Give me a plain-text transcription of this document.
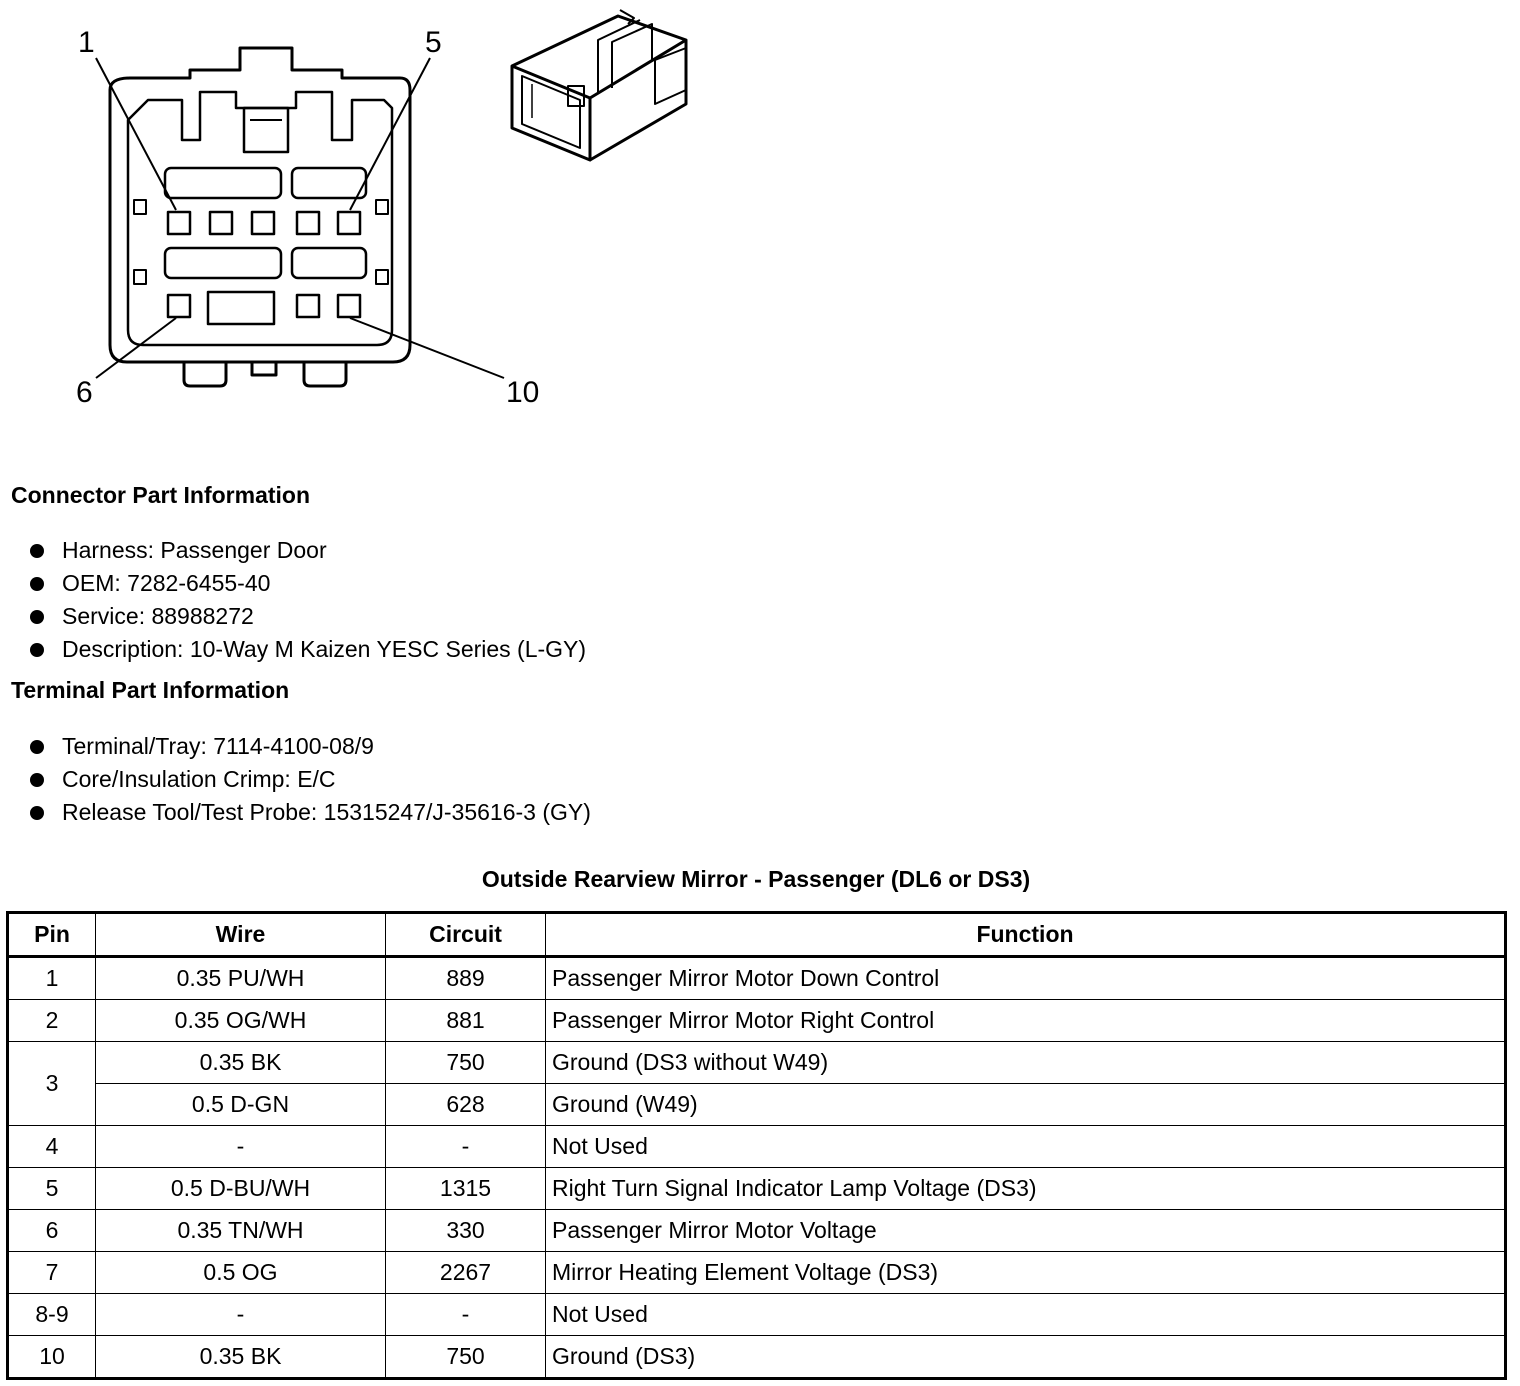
1	5
6	10
Connector Part Information
Harness: Passenger Door
OEM: 7282-6455-40
Service: 88988272
Description: 10-Way M Kaizen YESC Series (L-GY)
Terminal Part Information
Terminal/Tray: 7114-4100-08/9
Core/Insulation Crimp: E/C
Release Tool/Test Probe: 15315247/J-35616-3 (GY)
Outside Rearview Mirror - Passenger (DL6 or DS3)
Pin	Wire	Circuit	Function
1	0.35 PU/WH	889	Passenger Mirror Motor Down Control
2	0.35 OG/WH	881	Passenger Mirror Motor Right Control
3	0.35 BK	750	Ground (DS3 without W49)
	0.5 D-GN	628	Ground (W49)
4	-	-	Not Used
5	0.5 D-BU/WH	1315	Right Turn Signal Indicator Lamp Voltage (DS3)
6	0.35 TN/WH	330	Passenger Mirror Motor Voltage
7	0.5 OG	2267	Mirror Heating Element Voltage (DS3)
8-9	-	-	Not Used
10	0.35 BK	750	Ground (DS3)
